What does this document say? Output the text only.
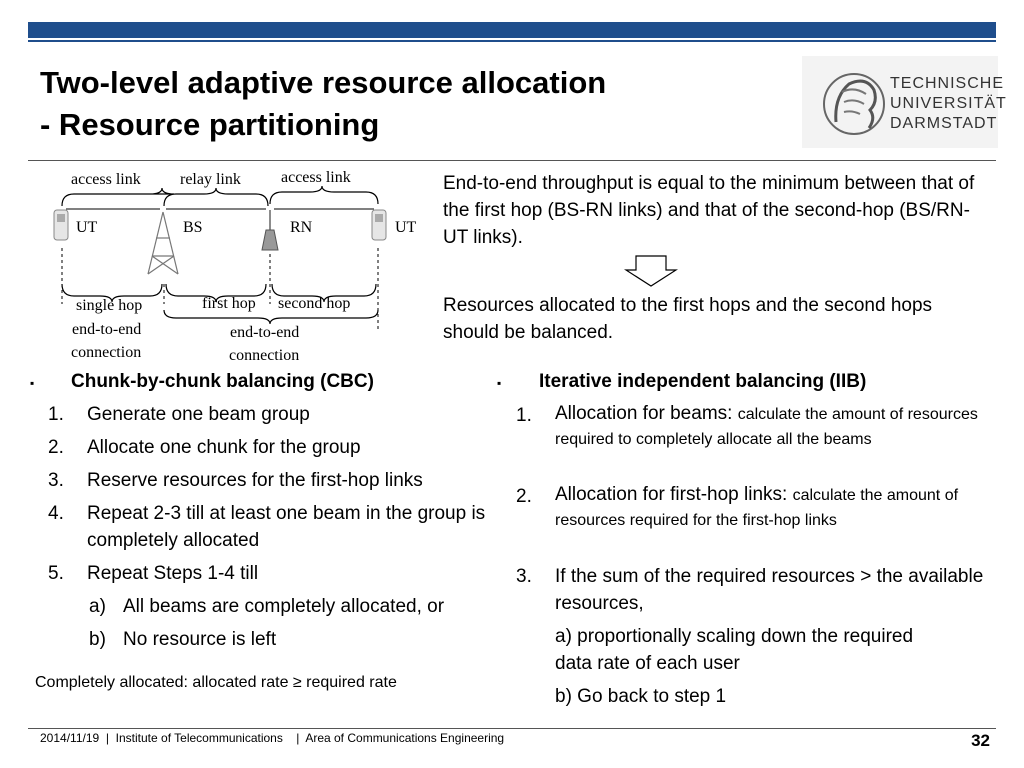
Two-level adaptive resource allocation
- Resource partitioning
TECHNISCHE
UNIVERSITÄT
DARMSTADT
access link relay link	access link
UT	BS	RN	UT
single hop	first hop second hop
end-to-end
connection
end-to-end
connection
End-to-end throughput is equal to the minimum between that of the first hop (BS-RN links) and that of the second-hop (BS/RN-UT links).
Resources allocated to the first hops and the second hops should be balanced.
▪ Chunk-by-chunk balancing (CBC)
1. Generate one beam group
2. Allocate one chunk for the group
3. Reserve resources for the first-hop links
4. Repeat 2-3 till at least one beam in the group is completely allocated
5. Repeat Steps 1-4 till
a) All beams are completely allocated, or
b) No resource is left
Completely allocated: allocated rate ≥ required rate
▪ Iterative independent balancing (IIB)
1. Allocation for beams: calculate the amount of resources required to completely allocate all the beams
2. Allocation for first-hop links: calculate the amount of resources required for the first-hop links
3. If the sum of the required resources > the available resources,
a) proportionally scaling down the required data rate of each user
b) Go back to step 1
2014/11/19  |  Institute of Telecommunications    |  Area of Communications Engineering	32
